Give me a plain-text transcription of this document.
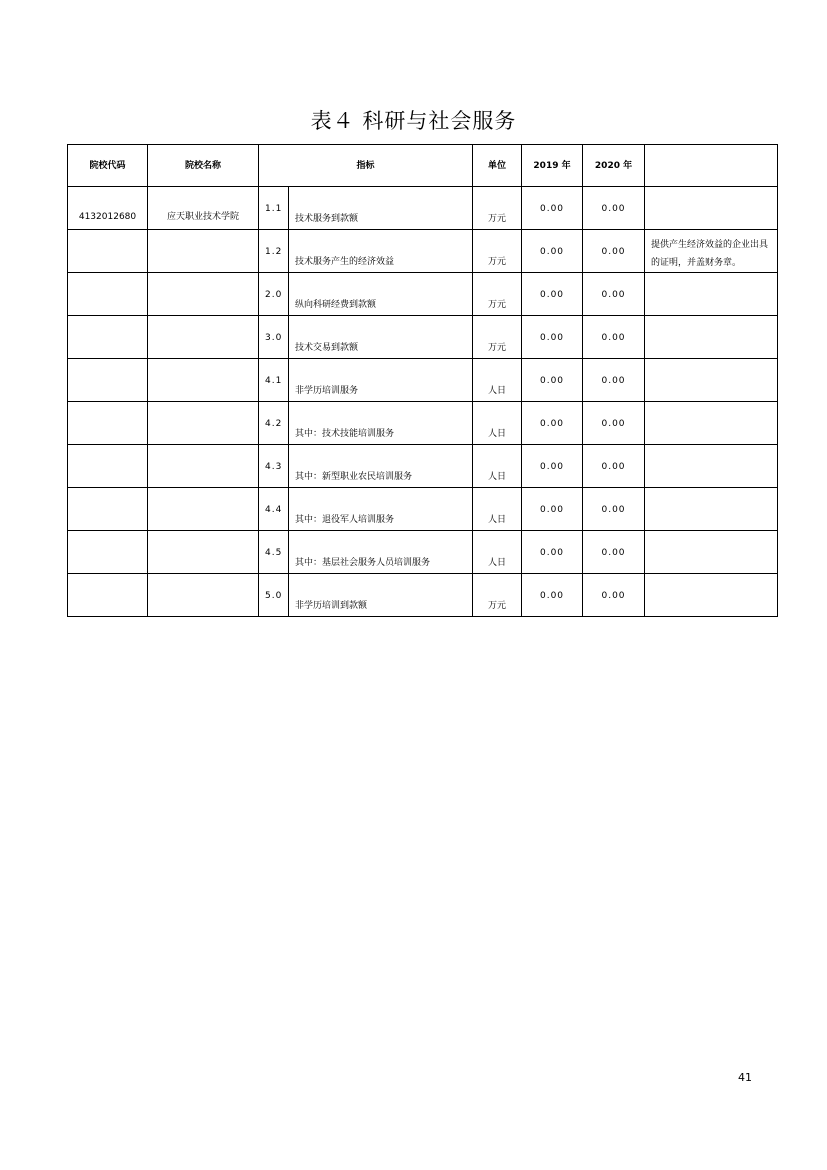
表４ 科研与社会服务
院校代码	院校名称	指标		单位	2019 年	2020 年	

4132012680	应天职业技术学院	1.1	技术服务到款额	万元	0.00	0.00	

		1.2	技术服务产生的经济效益	万元	0.00	0.00	提供产生经济效益的企业出具的证明，并盖财务章。

		2.0	纵向科研经费到款额	万元	0.00	0.00	

		3.0	技术交易到款额	万元	0.00	0.00	

		4.1	非学历培训服务	人日	0.00	0.00	

		4.2	其中：技术技能培训服务	人日	0.00	0.00	

		4.3	其中：新型职业农民培训服务	人日	0.00	0.00	

		4.4	其中：退役军人培训服务	人日	0.00	0.00	

		4.5	其中：基层社会服务人员培训服务	人日	0.00	0.00	

		5.0	非学历培训到款额	万元	0.00	0.00	

41
